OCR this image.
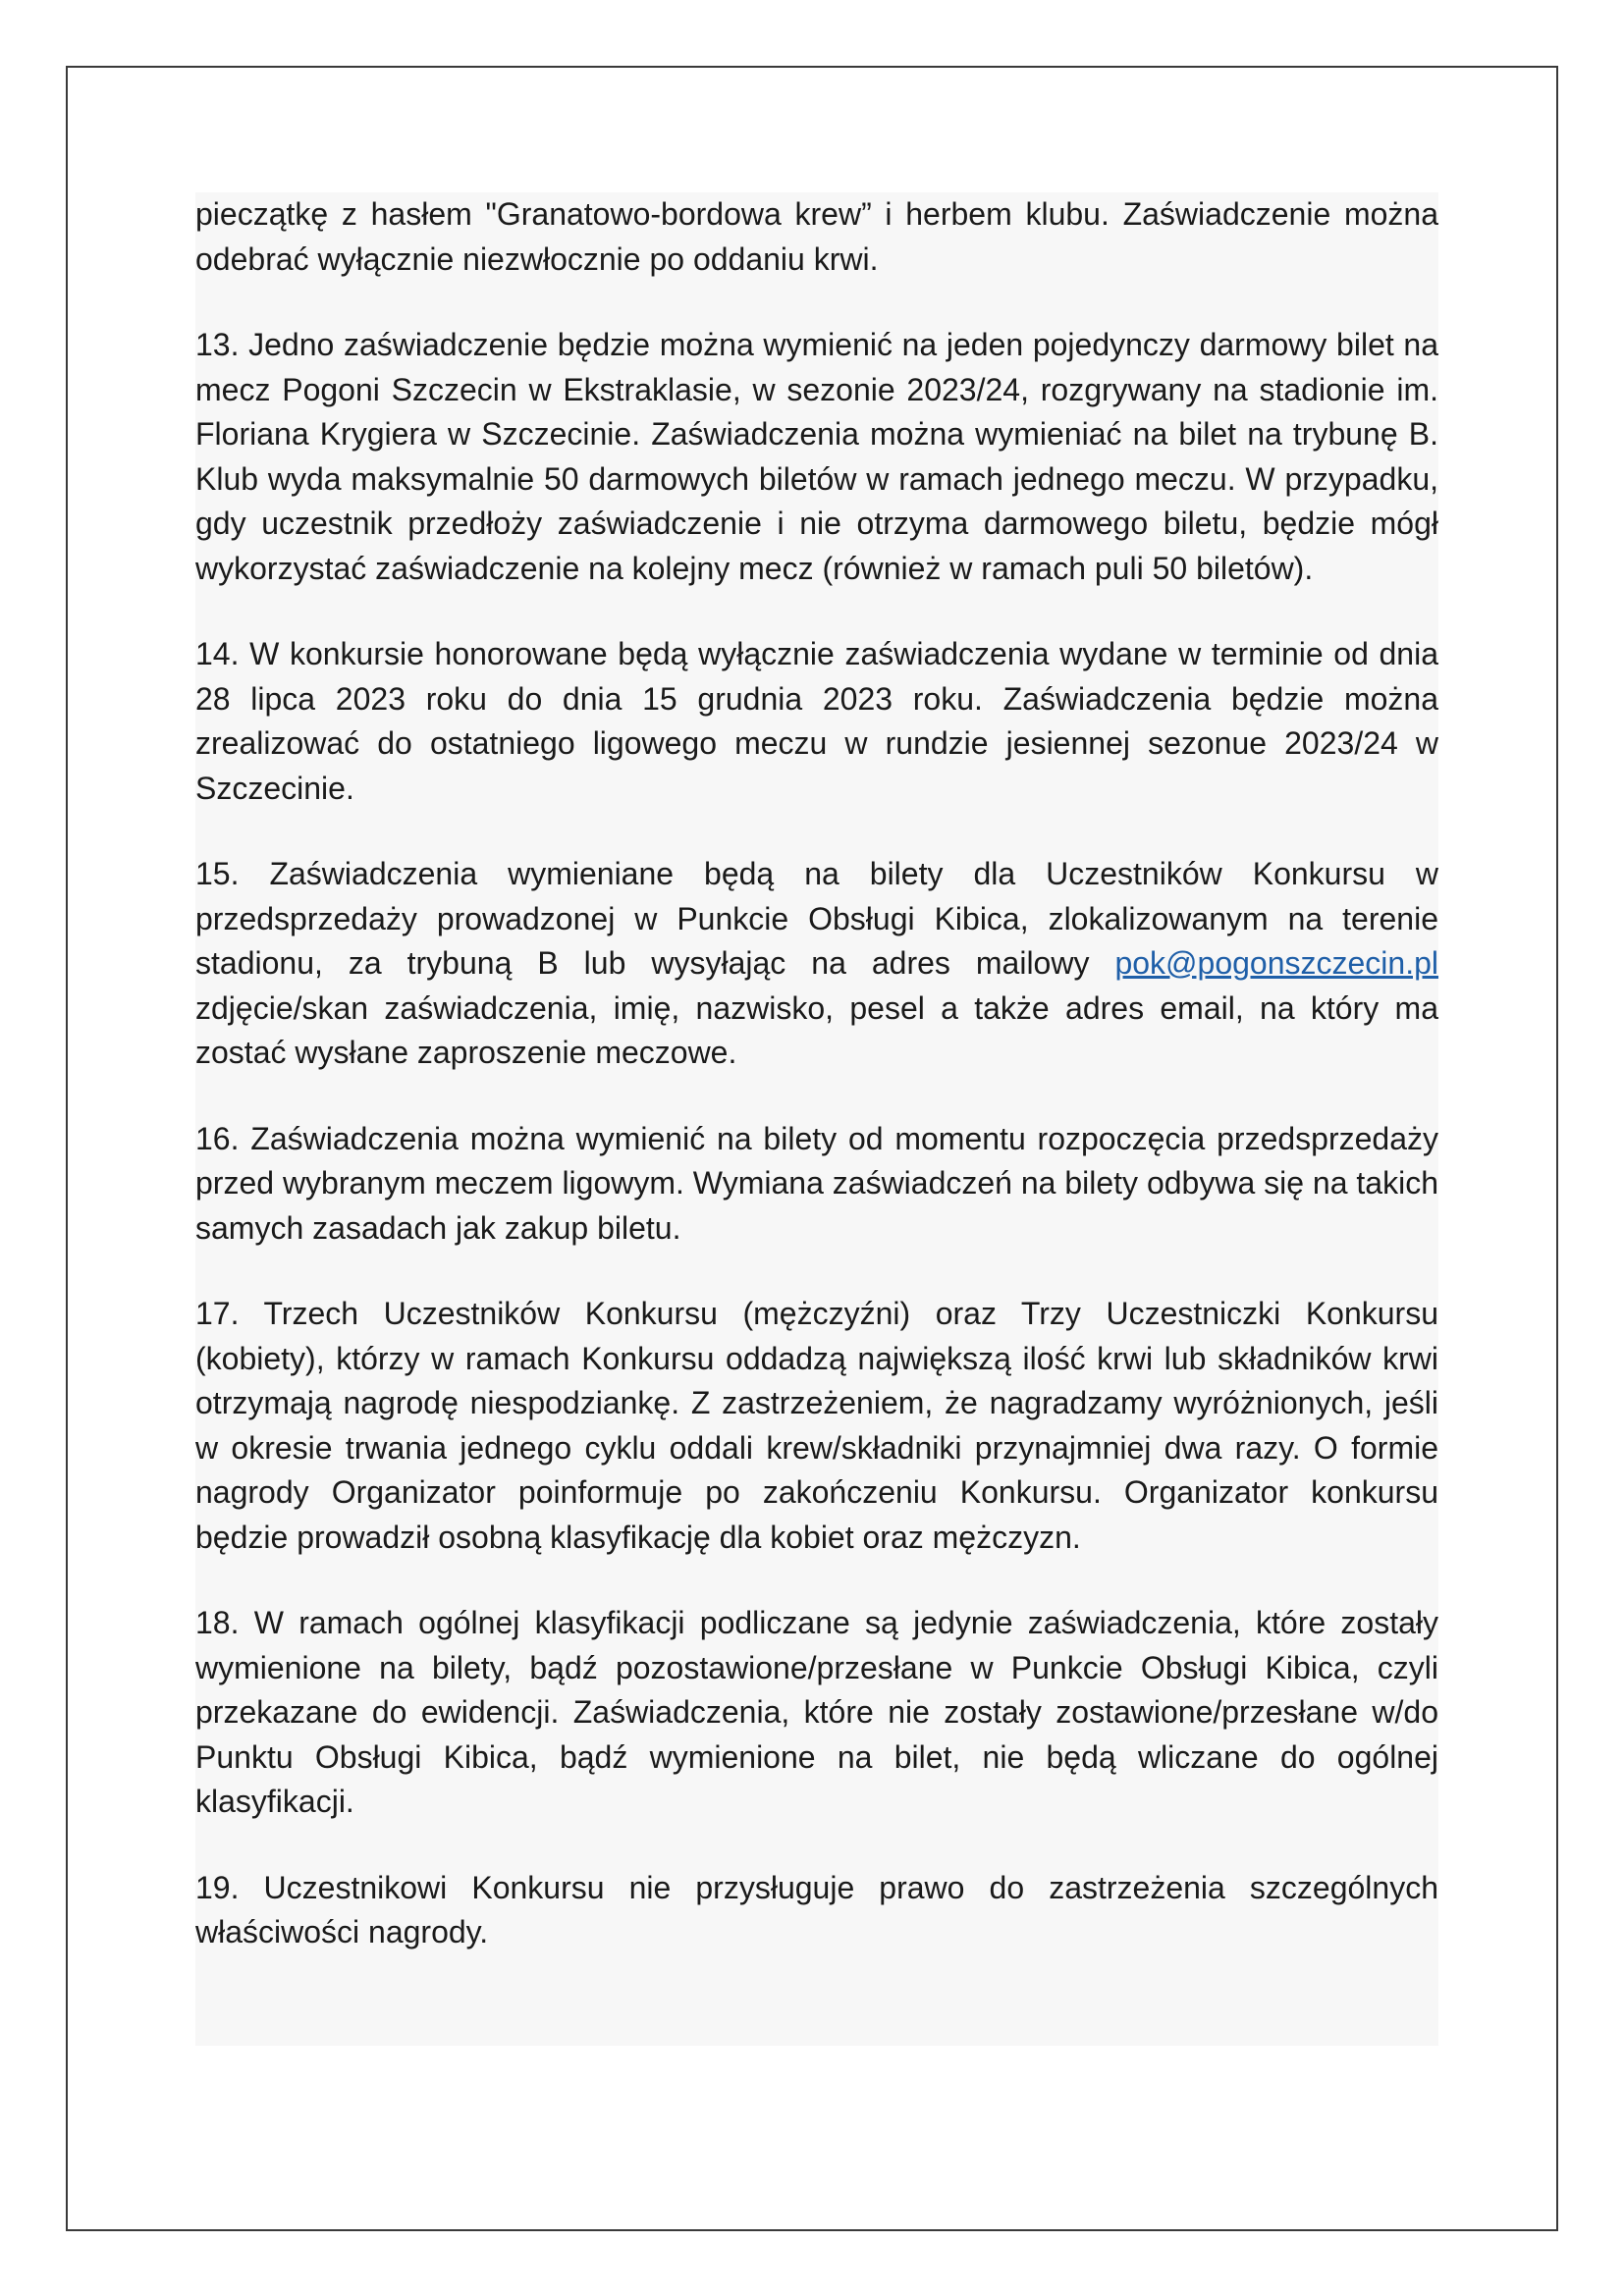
pieczątkę z hasłem "Granatowo-bordowa krew” i herbem klubu. Zaświadczenie można odebrać wyłącznie niezwłocznie po oddaniu krwi.

13. Jedno zaświadczenie będzie można wymienić na jeden pojedynczy darmowy bilet na mecz Pogoni Szczecin w Ekstraklasie, w sezonie 2023/24, rozgrywany na stadionie im. Floriana Krygiera w Szczecinie. Zaświadczenia można wymieniać na bilet na trybunę B. Klub wyda maksymalnie 50 darmowych biletów w ramach jednego meczu. W przypadku, gdy uczestnik przedłoży zaświadczenie i nie otrzyma darmowego biletu, będzie mógł wykorzystać zaświadczenie na kolejny mecz (również w ramach puli 50 biletów).

14. W konkursie honorowane będą wyłącznie zaświadczenia wydane w terminie od dnia 28 lipca 2023 roku do dnia 15 grudnia 2023 roku. Zaświadczenia będzie można zrealizować do ostatniego ligowego meczu w rundzie jesiennej sezonue 2023/24 w Szczecinie.

15. Zaświadczenia wymieniane będą na bilety dla Uczestników Konkursu w przedsprzedaży prowadzonej w Punkcie Obsługi Kibica, zlokalizowanym na terenie stadionu, za trybuną B lub wysyłając na adres mailowy pok@pogonszczecin.pl zdjęcie/skan zaświadczenia, imię, nazwisko, pesel a także adres email, na który ma zostać wysłane zaproszenie meczowe.

16. Zaświadczenia można wymienić na bilety od momentu rozpoczęcia przedsprzedaży przed wybranym meczem ligowym. Wymiana zaświadczeń na bilety odbywa się na takich samych zasadach jak zakup biletu.

17. Trzech Uczestników Konkursu (mężczyźni) oraz Trzy Uczestniczki Konkursu (kobiety), którzy w ramach Konkursu oddadzą największą ilość krwi lub składników krwi otrzymają nagrodę niespodziankę. Z zastrzeżeniem, że nagradzamy wyróżnionych, jeśli w okresie trwania jednego cyklu oddali krew/składniki przynajmniej dwa razy. O formie nagrody Organizator poinformuje po zakończeniu Konkursu. Organizator konkursu będzie prowadził osobną klasyfikację dla kobiet oraz mężczyzn.

18. W ramach ogólnej klasyfikacji podliczane są jedynie zaświadczenia, które zostały wymienione na bilety, bądź pozostawione/przesłane w Punkcie Obsługi Kibica, czyli przekazane do ewidencji. Zaświadczenia, które nie zostały zostawione/przesłane w/do Punktu Obsługi Kibica, bądź wymienione na bilet, nie będą wliczane do ogólnej klasyfikacji.

19. Uczestnikowi Konkursu nie przysługuje prawo do zastrzeżenia szczególnych właściwości nagrody.
